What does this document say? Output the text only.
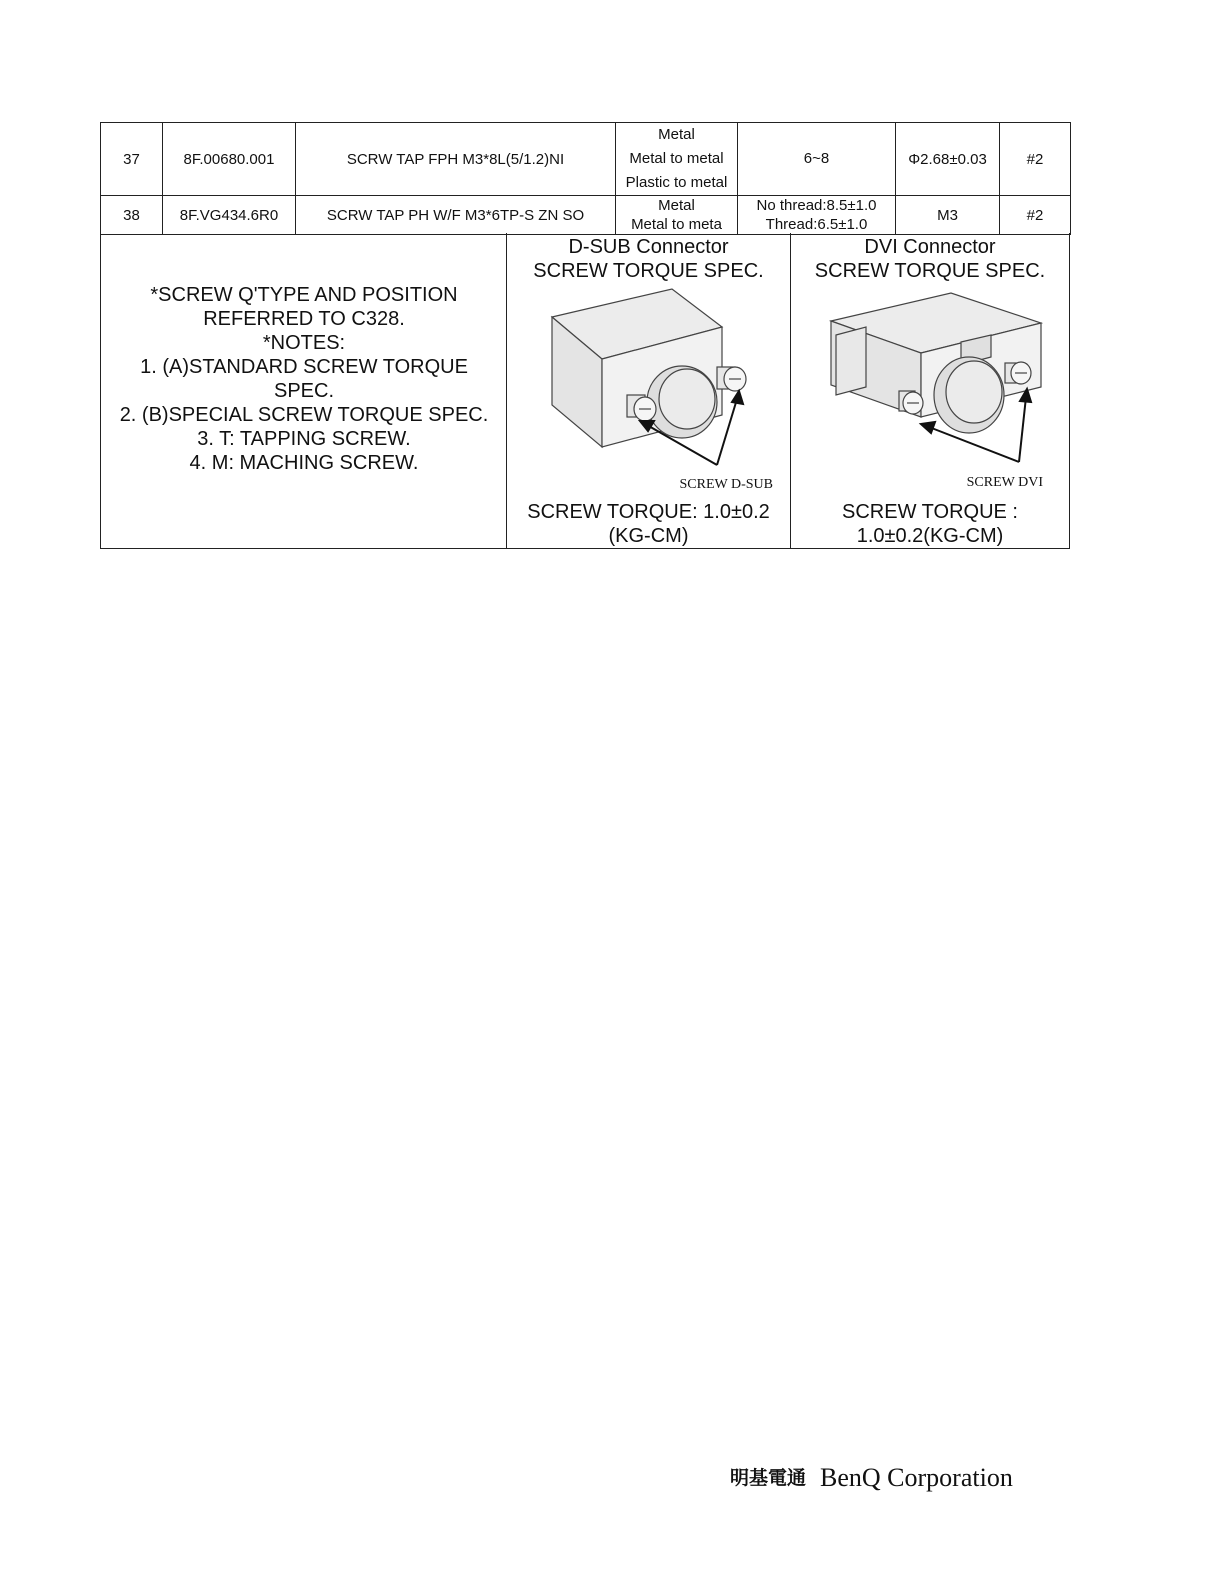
37	8F.00680.001	SCRW TAP FPH M3*8L(5/1.2)NI	Metal
Metal to metal
Plastic to metal	6~8	Φ2.68±0.03	#2
38	8F.VG434.6R0	SCRW TAP PH W/F M3*6TP-S ZN SO	Metal
Metal to meta	No thread:8.5±1.0
Thread:6.5±1.0	M3	#2
*SCREW Q'TYPE AND POSITION
REFERRED TO C328.
*NOTES:
1. (A)STANDARD SCREW TORQUE
SPEC.
2. (B)SPECIAL SCREW TORQUE SPEC.
3. T: TAPPING SCREW.
4. M: MACHING SCREW.
D-SUB Connector
SCREW TORQUE SPEC.
SCREW D-SUB
SCREW TORQUE: 1.0±0.2
(KG-CM)
DVI Connector
SCREW TORQUE SPEC.
SCREW DVI
SCREW TORQUE :
1.0±0.2(KG-CM)
明基電通 BenQ Corporation
